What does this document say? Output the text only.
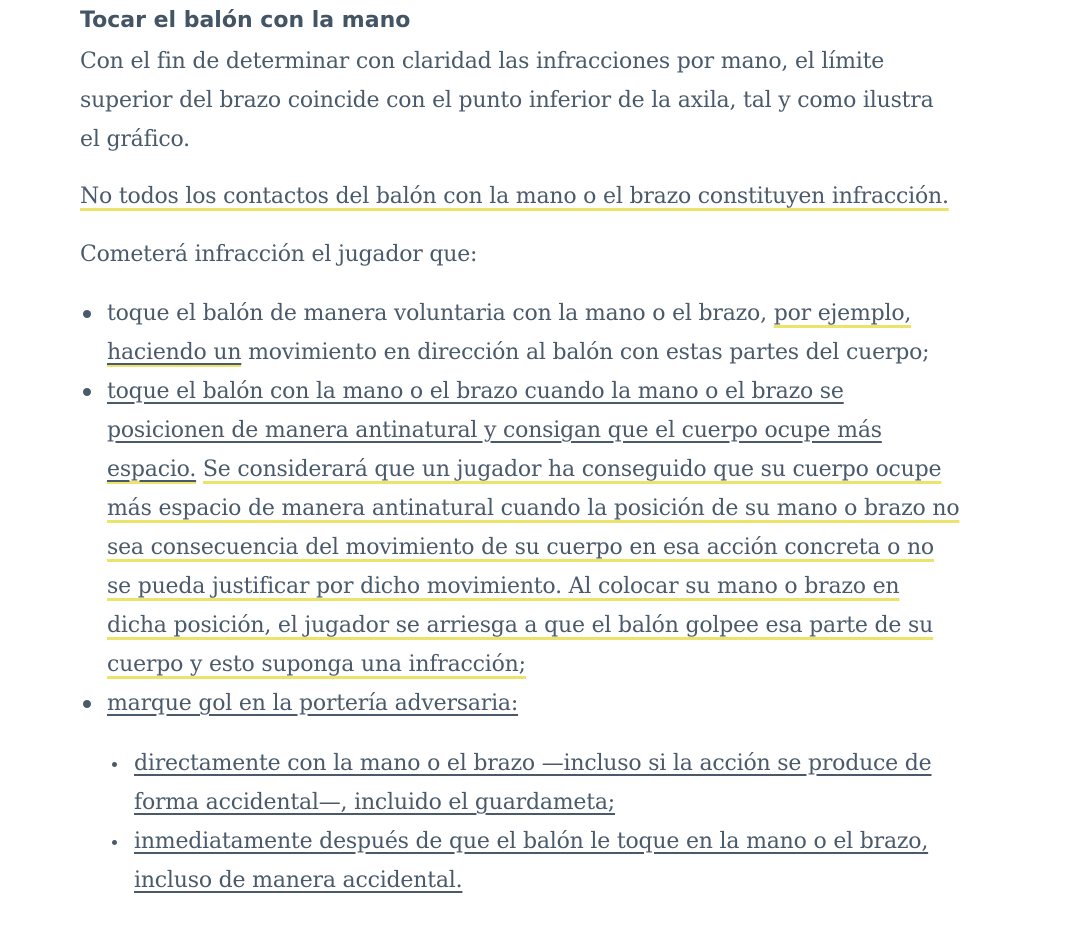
Tocar el balón con la mano
Con el fin de determinar con claridad las infracciones por mano, el límite
superior del brazo coincide con el punto inferior de la axila, tal y como ilustra
el gráfico.
No todos los contactos del balón con la mano o el brazo constituyen infracción.
Cometerá infracción el jugador que:
toque el balón de manera voluntaria con la mano o el brazo, por ejemplo,
haciendo un movimiento en dirección al balón con estas partes del cuerpo;
toque el balón con la mano o el brazo cuando la mano o el brazo se
posicionen de manera antinatural y consigan que el cuerpo ocupe más
espacio. Se considerará que un jugador ha conseguido que su cuerpo ocupe
más espacio de manera antinatural cuando la posición de su mano o brazo no
sea consecuencia del movimiento de su cuerpo en esa acción concreta o no
se pueda justificar por dicho movimiento. Al colocar su mano o brazo en
dicha posición, el jugador se arriesga a que el balón golpee esa parte de su
cuerpo y esto suponga una infracción;
marque gol en la portería adversaria:
directamente con la mano o el brazo —incluso si la acción se produce de
forma accidental—, incluido el guardameta;
inmediatamente después de que el balón le toque en la mano o el brazo,
incluso de manera accidental.
